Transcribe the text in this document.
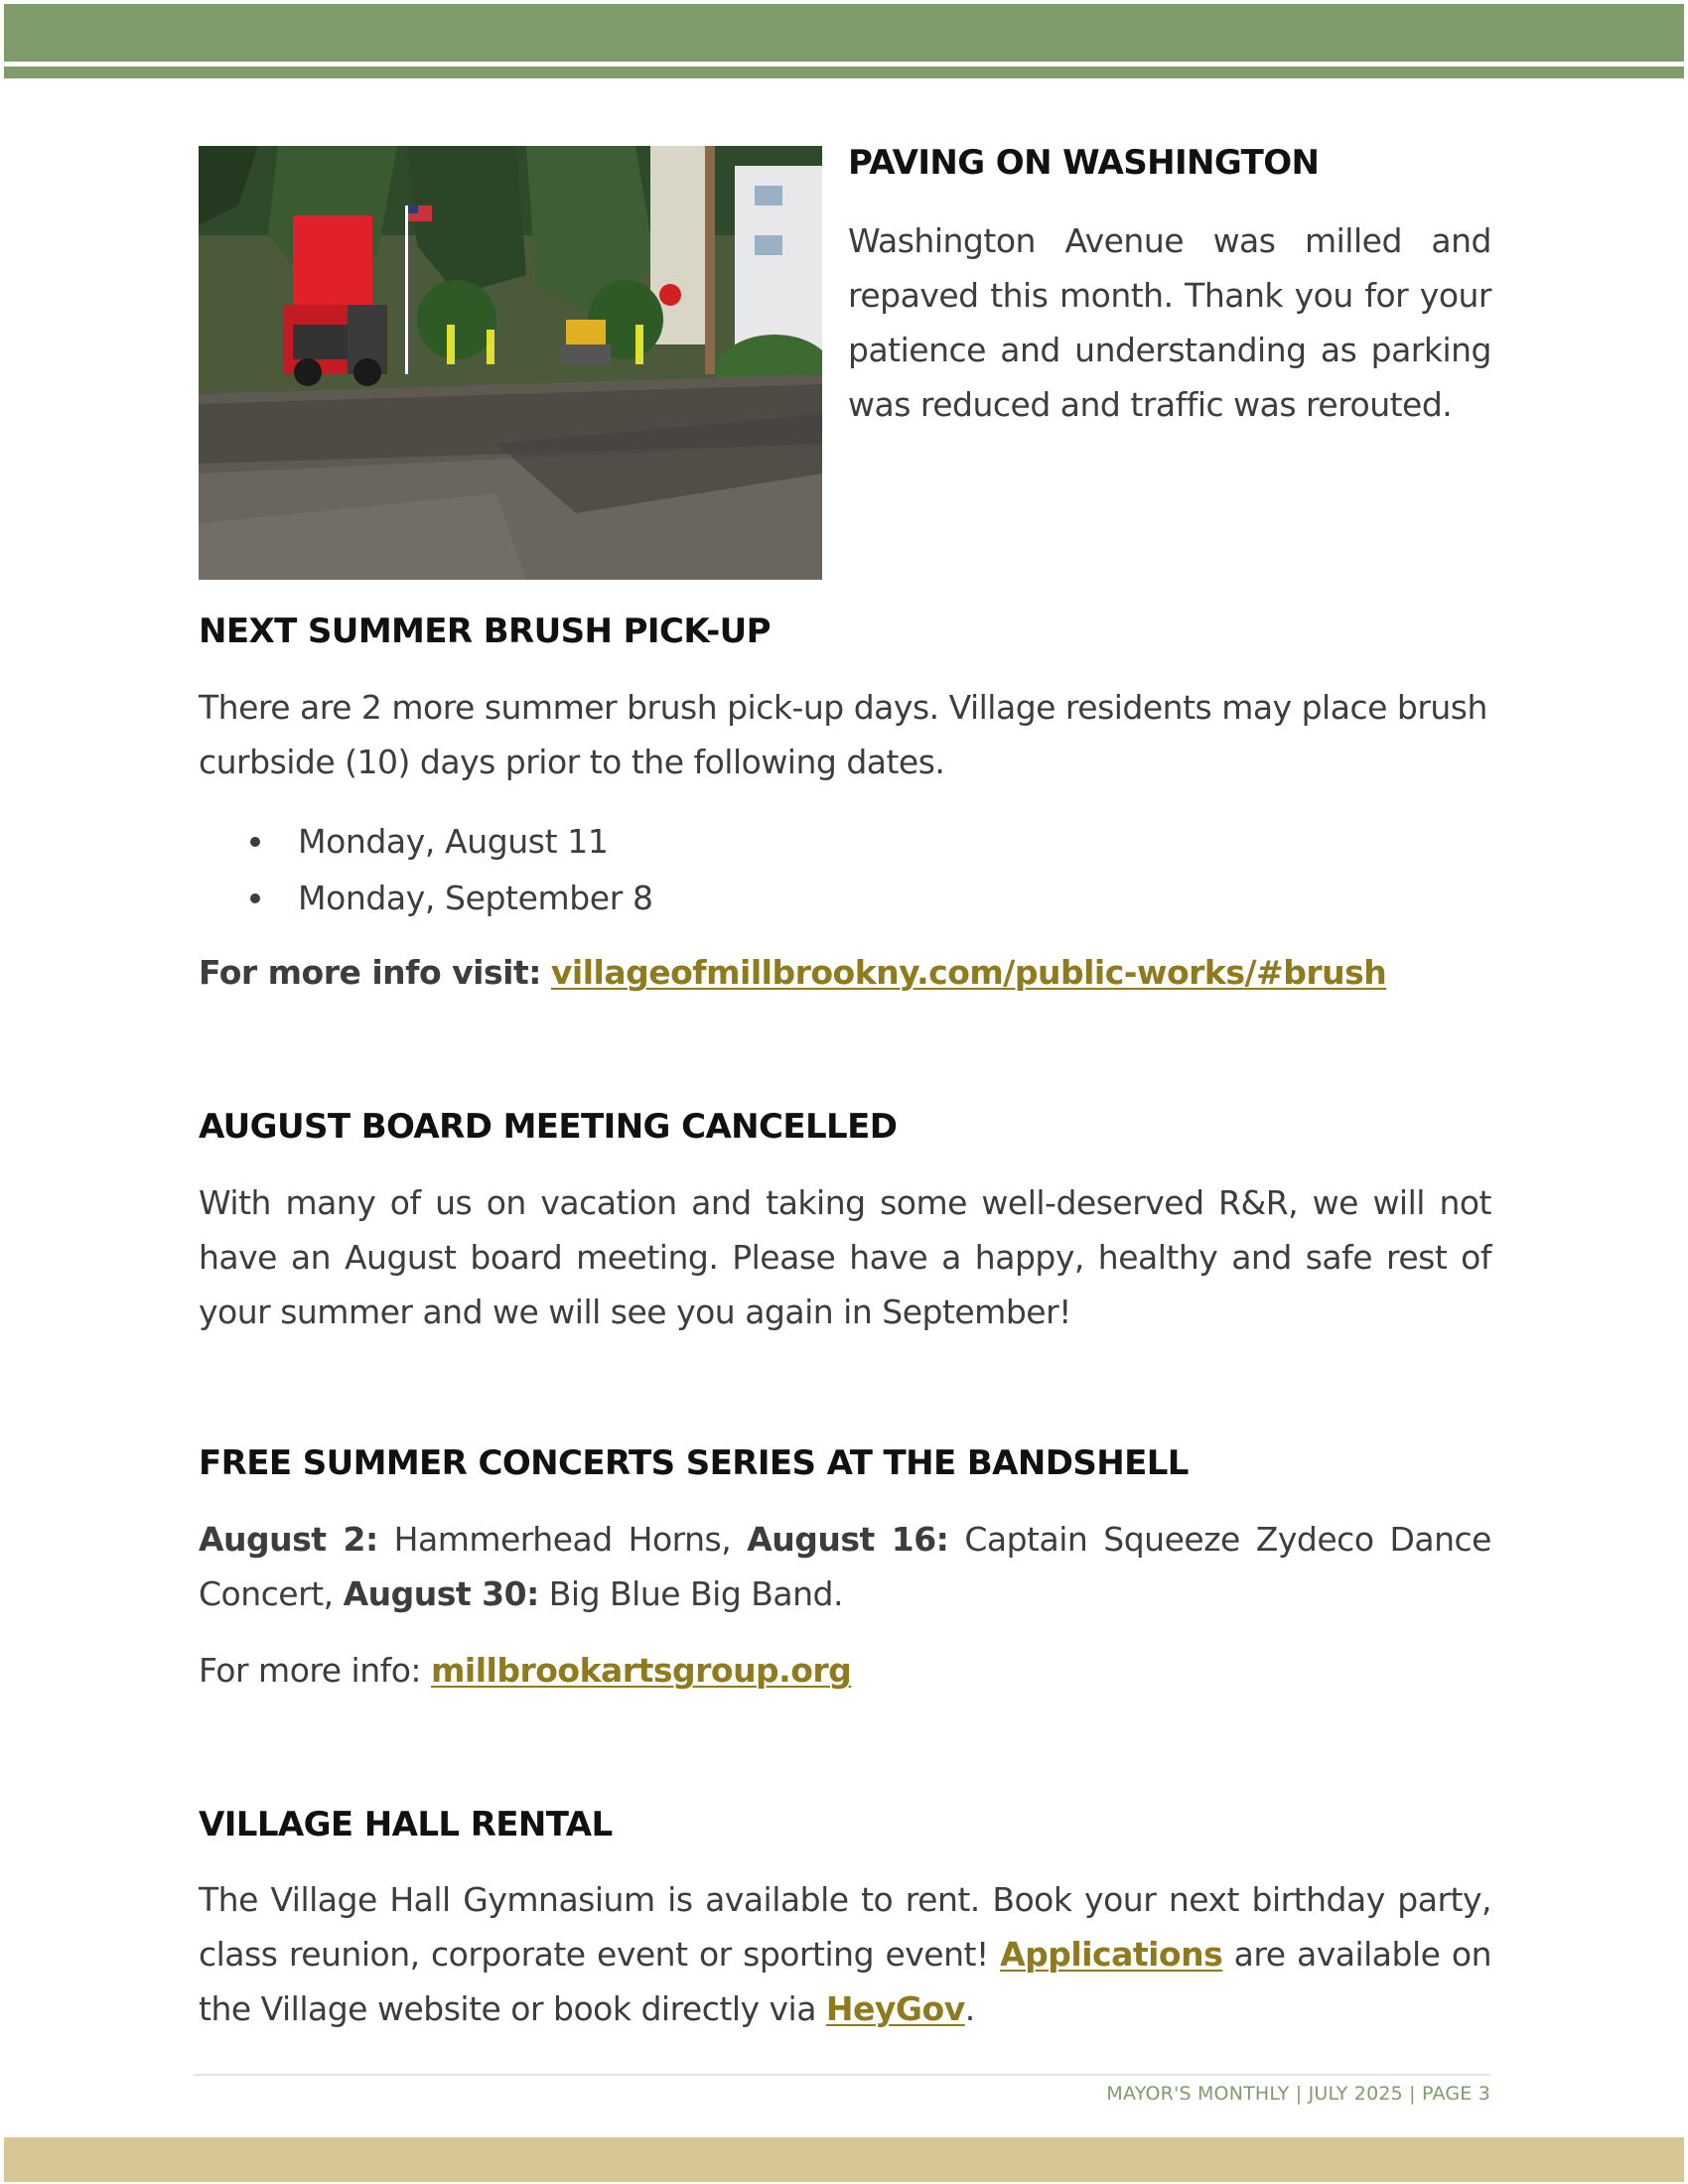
PAVING ON WASHINGTON

Washington Avenue was milled and repaved this month. Thank you for your patience and understanding as parking was reduced and traffic was rerouted.

NEXT SUMMER BRUSH PICK-UP

There are 2 more summer brush pick-up days. Village residents may place brush curbside (10) days prior to the following dates.

Monday, August 11
Monday, September 8

For more info visit: villageofmillbrookny.com/public-works/#brush

AUGUST BOARD MEETING CANCELLED

With many of us on vacation and taking some well-deserved R&R, we will not have an August board meeting. Please have a happy, healthy and safe rest of your summer and we will see you again in September!

FREE SUMMER CONCERTS SERIES AT THE BANDSHELL

August 2: Hammerhead Horns, August 16: Captain Squeeze Zydeco Dance Concert, August 30: Big Blue Big Band.

For more info: millbrookartsgroup.org

VILLAGE HALL RENTAL

The Village Hall Gymnasium is available to rent. Book your next birthday party, class reunion, corporate event or sporting event! Applications are available on the Village website or book directly via HeyGov.

MAYOR'S MONTHLY | JULY 2025 | PAGE 3
